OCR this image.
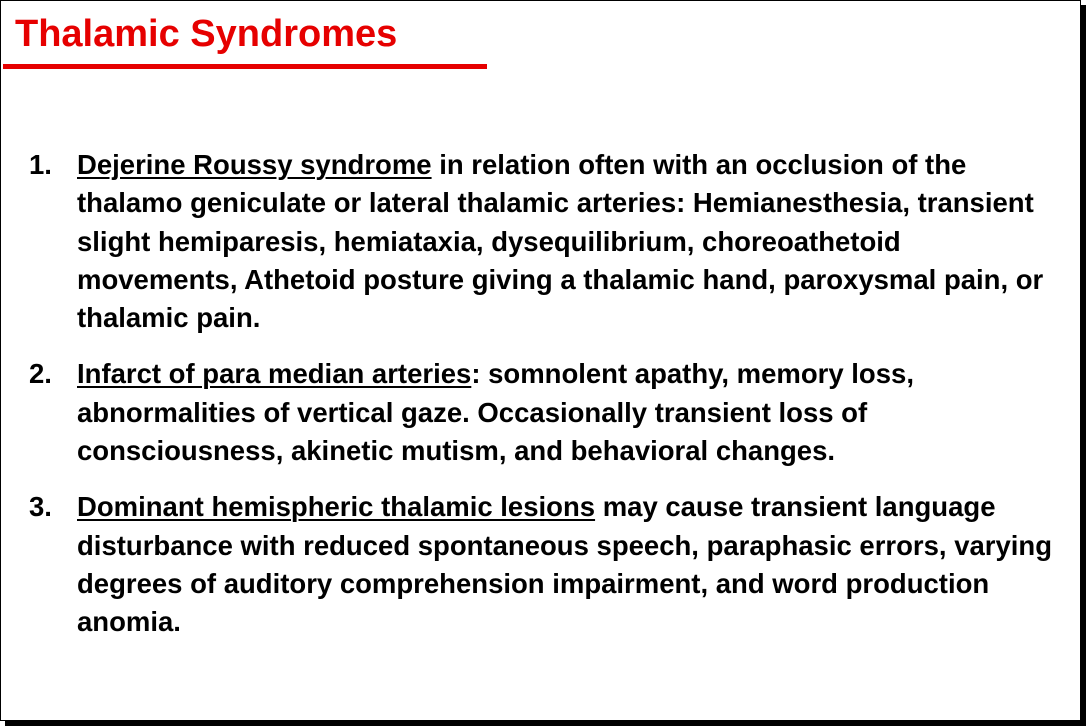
Thalamic Syndromes
1. Dejerine Roussy syndrome in relation often with an occlusion of the thalamo geniculate or lateral thalamic arteries: Hemianesthesia, transient slight hemiparesis, hemiataxia, dysequilibrium, choreoathetoid movements, Athetoid posture giving a thalamic hand, paroxysmal pain, or thalamic pain.
2. Infarct of para median arteries: somnolent apathy, memory loss, abnormalities of vertical gaze. Occasionally transient loss of consciousness, akinetic mutism, and behavioral changes.
3. Dominant hemispheric thalamic lesions may cause transient language disturbance with reduced spontaneous speech, paraphasic errors, varying degrees of auditory comprehension impairment, and word production anomia.
